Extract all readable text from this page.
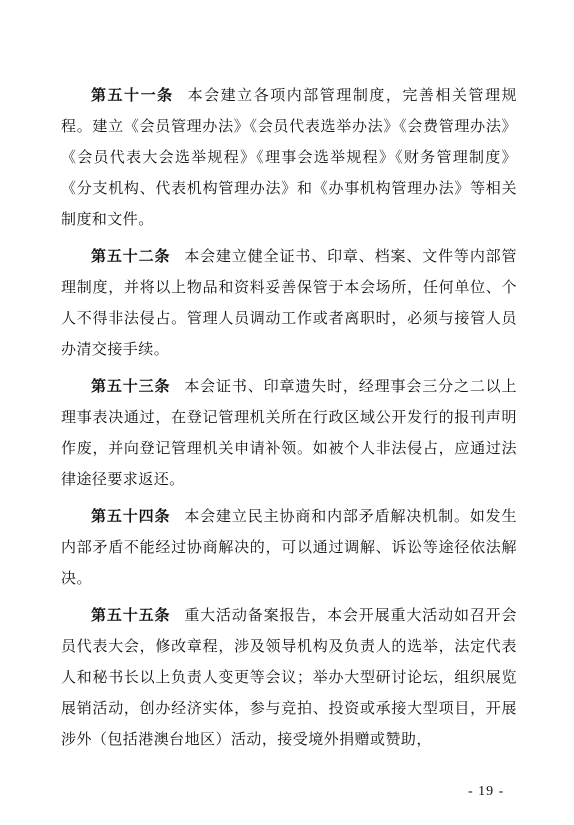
第五十一条 本会建立各项内部管理制度，完善相关管理规程。建立《会员管理办法》《会员代表选举办法》《会费管理办法》《会员代表大会选举规程》《理事会选举规程》《财务管理制度》《分支机构、代表机构管理办法》和《办事机构管理办法》等相关制度和文件。

第五十二条 本会建立健全证书、印章、档案、文件等内部管理制度，并将以上物品和资料妥善保管于本会场所，任何单位、个人不得非法侵占。管理人员调动工作或者离职时，必须与接管人员办清交接手续。

第五十三条 本会证书、印章遗失时，经理事会三分之二以上理事表决通过，在登记管理机关所在行政区域公开发行的报刊声明作废，并向登记管理机关申请补领。如被个人非法侵占，应通过法律途径要求返还。

第五十四条 本会建立民主协商和内部矛盾解决机制。如发生内部矛盾不能经过协商解决的，可以通过调解、诉讼等途径依法解决。

第五十五条 重大活动备案报告，本会开展重大活动如召开会员代表大会，修改章程，涉及领导机构及负责人的选举，法定代表人和秘书长以上负责人变更等会议；举办大型研讨论坛，组织展览展销活动，创办经济实体，参与竞拍、投资或承接大型项目，开展涉外（包括港澳台地区）活动，接受境外捐赠或赞助，

- 19 -
